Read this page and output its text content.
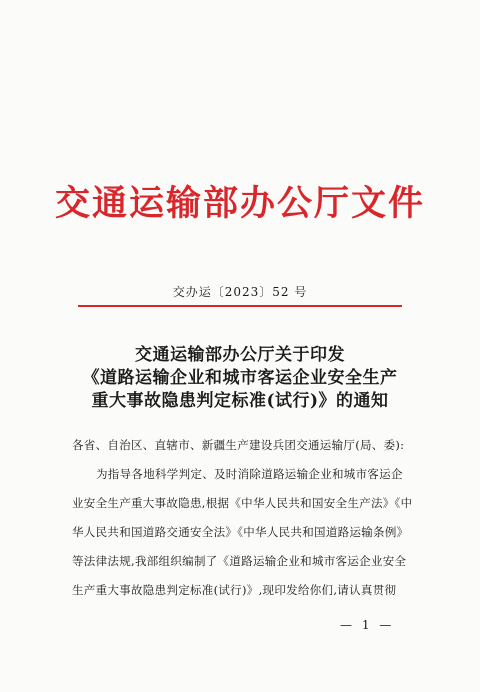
交通运输部办公厅文件
交办运〔2023〕52 号
交通运输部办公厅关于印发
《道路运输企业和城市客运企业安全生产
重大事故隐患判定标准(试行)》的通知
各省、自治区、直辖市、新疆生产建设兵团交通运输厅(局、委):
为指导各地科学判定、及时消除道路运输企业和城市客运企
业安全生产重大事故隐患,根据《中华人民共和国安全生产法》《中
华人民共和国道路交通安全法》《中华人民共和国道路运输条例》
等法律法规,我部组织编制了《道路运输企业和城市客运企业安全
生产重大事故隐患判定标准(试行)》,现印发给你们,请认真贯彻
— 1 —
